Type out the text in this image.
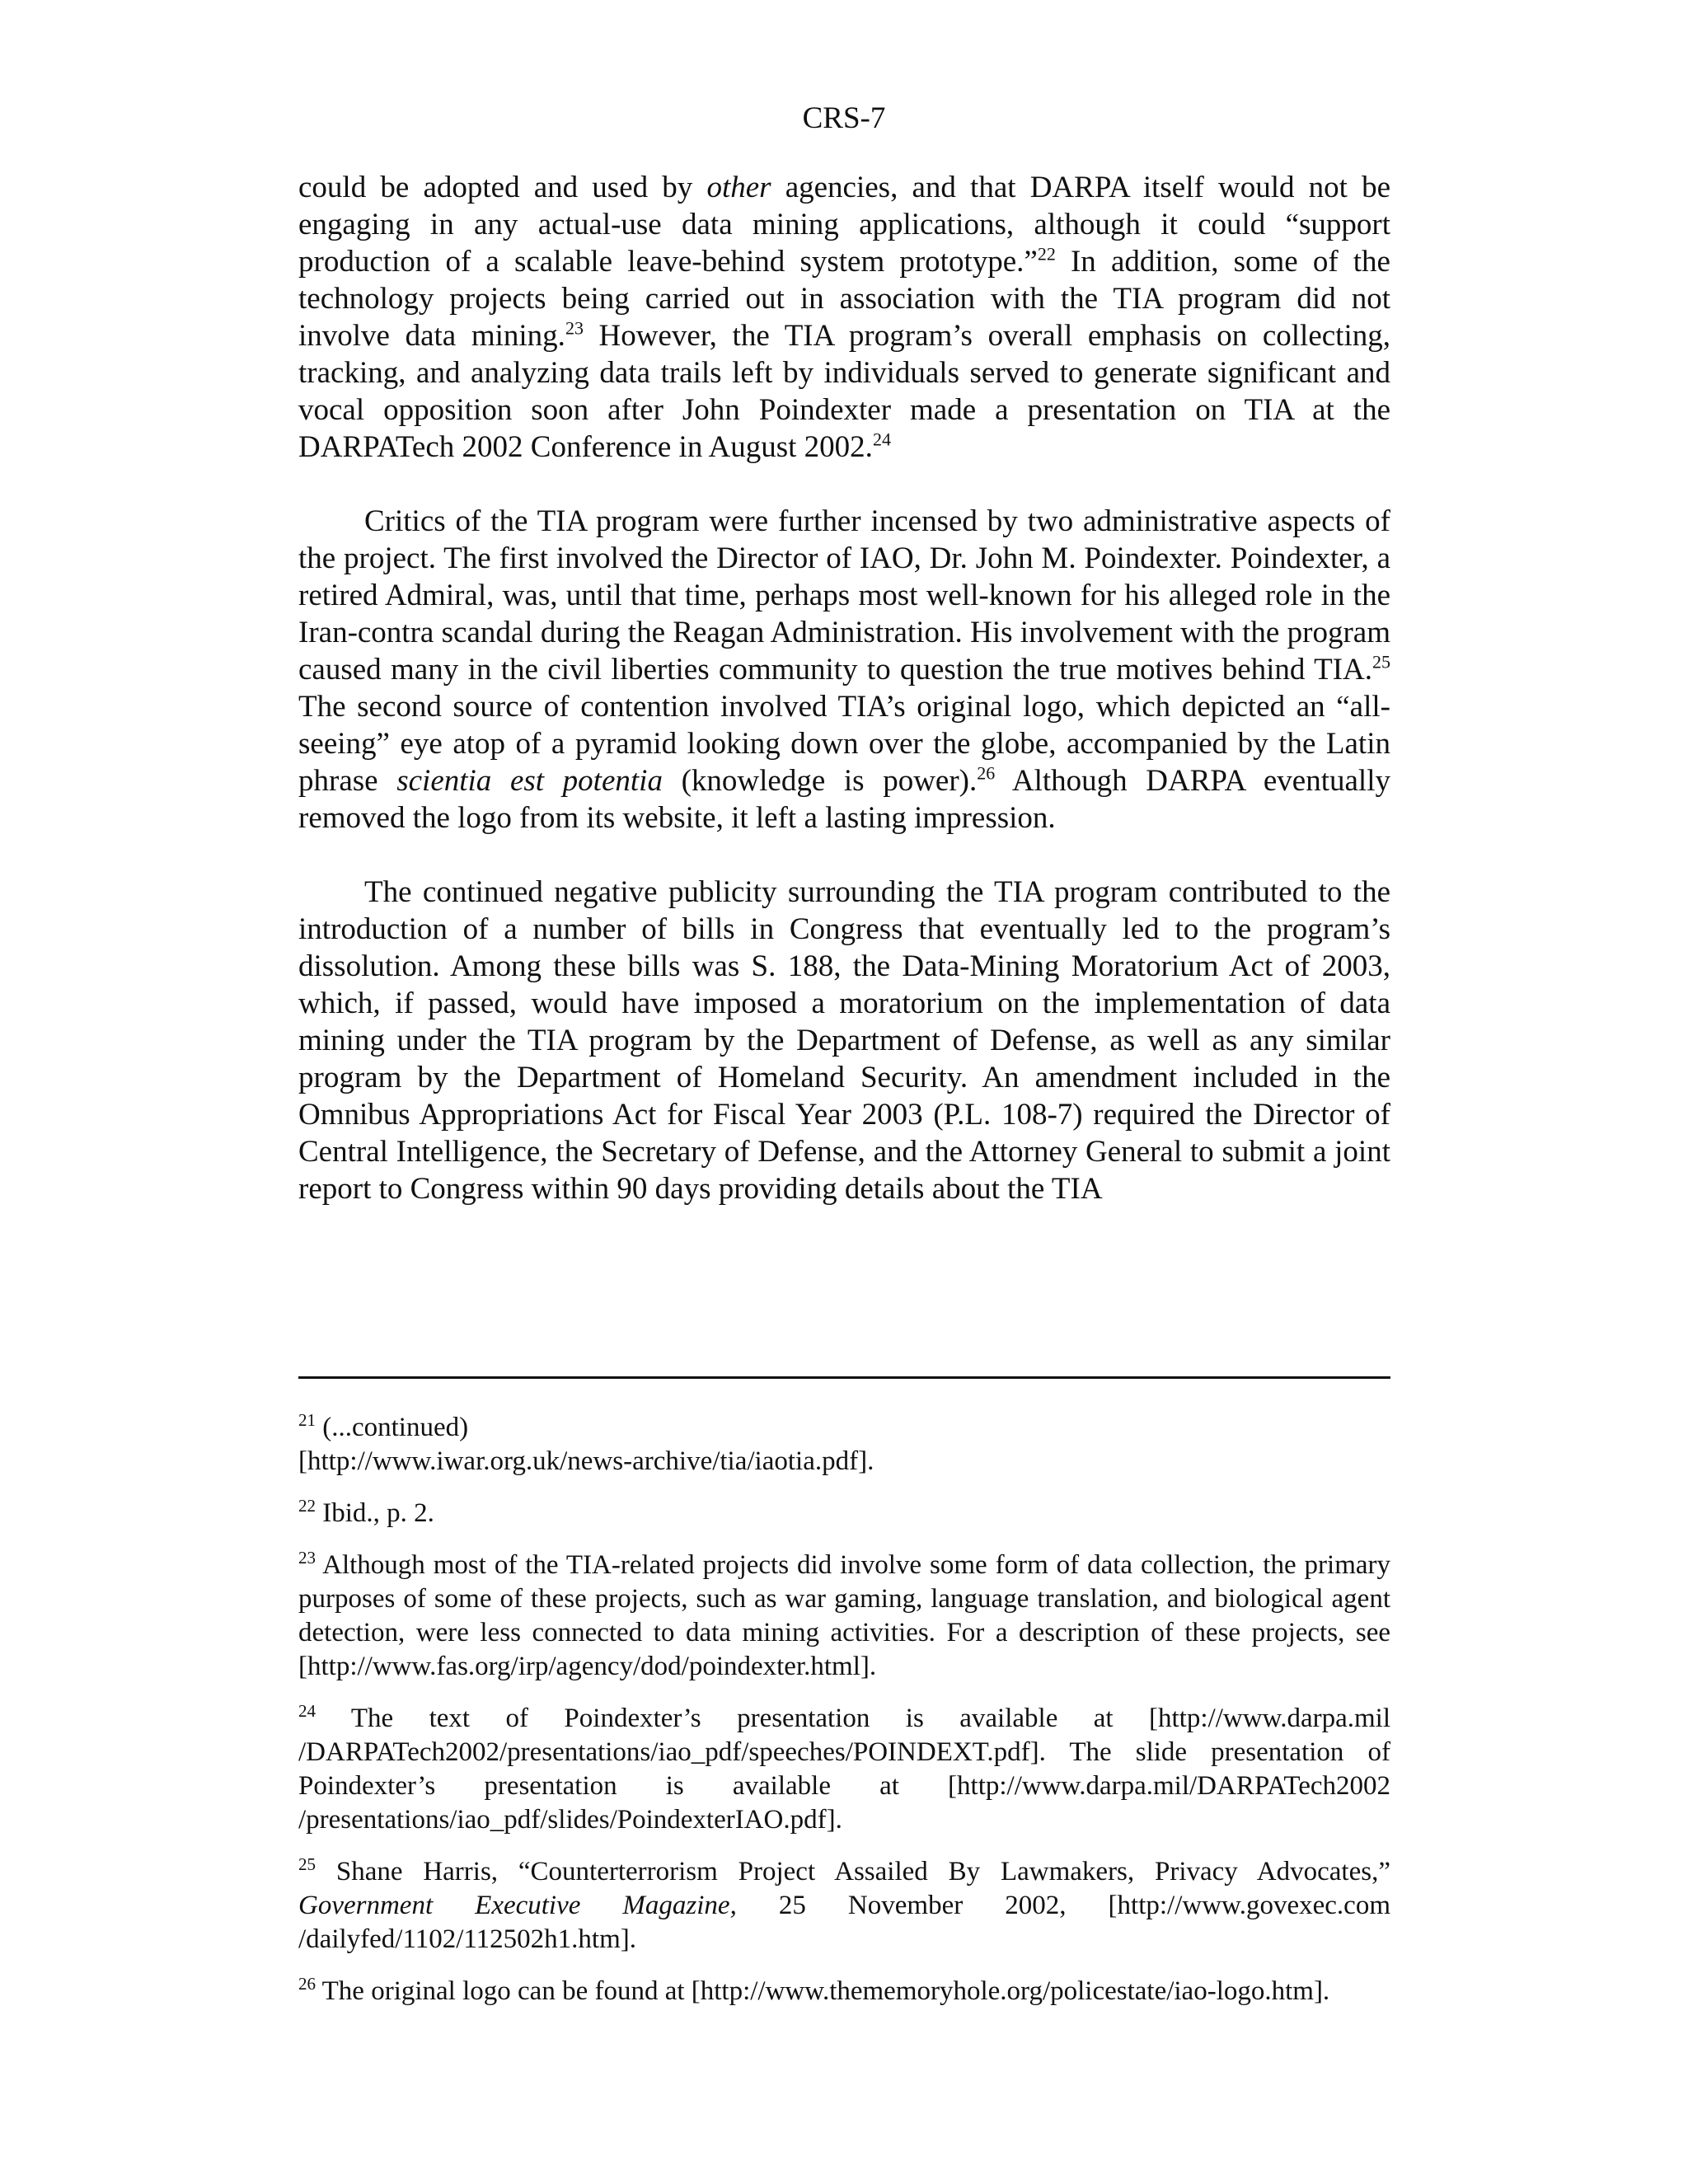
CRS-7

could be adopted and used by other agencies, and that DARPA itself would not be engaging in any actual-use data mining applications, although it could “support production of a scalable leave-behind system prototype.”$^{22}$ In addition, some of the technology projects being carried out in association with the TIA program did not involve data mining.$^{23}$ However, the TIA program’s overall emphasis on collecting, tracking, and analyzing data trails left by individuals served to generate significant and vocal opposition soon after John Poindexter made a presentation on TIA at the DARPATech 2002 Conference in August 2002.24

Critics of the TIA program were further incensed by two administrative aspects of the project. The first involved the Director of IAO, Dr. John M. Poindexter. Poindexter, a retired Admiral, was, until that time, perhaps most well-known for his alleged role in the Iran-contra scandal during the Reagan Administration. His involvement with the program caused many in the civil liberties community to question the true motives behind TIA.$^{25}$ The second source of contention involved TIA’s original logo, which depicted an “all-seeing” eye atop of a pyramid looking down over the globe, accompanied by the Latin phrase scientia est potentia (knowledge is power).$^{26}$ Although DARPA eventually removed the logo from its website, it left a lasting impression.

The continued negative publicity surrounding the TIA program contributed to the introduction of a number of bills in Congress that eventually led to the program’s dissolution. Among these bills was S. 188, the Data-Mining Moratorium Act of 2003, which, if passed, would have imposed a moratorium on the implementation of data mining under the TIA program by the Department of Defense, as well as any similar program by the Department of Homeland Security. An amendment included in the Omnibus Appropriations Act for Fiscal Year 2003 (P.L. 108-7) required the Director of Central Intelligence, the Secretary of Defense, and the Attorney General to submit a joint report to Congress within 90 days providing details about the TIA

$^{21}$ (...continued)
[http://www.iwar.org.uk/news-archive/tia/iaotia.pdf].

$^{22}$ Ibid., p. 2.

$^{23}$ Although most of the TIA-related projects did involve some form of data collection, the primary purposes of some of these projects, such as war gaming, language translation, and biological agent detection, were less connected to data mining activities. For a description of these projects, see [http://www.fas.org/irp/agency/dod/poindexter.html].

$^{24}$ The text of Poindexter’s presentation is available at [http://www.darpa.mil /DARPATech2002/presentations/iao_pdf/speeches/POINDEXT.pdf]. The slide presentation of Poindexter’s presentation is available at [http://www.darpa.mil/DARPATech2002 /presentations/iao_pdf/slides/PoindexterIAO.pdf].

$^{25}$ Shane Harris, “Counterterrorism Project Assailed By Lawmakers, Privacy Advocates,” Government Executive Magazine, 25 November 2002, [http://www.govexec.com /dailyfed/1102/112502h1.htm].

$^{26}$ The original logo can be found at [http://www.thememoryhole.org/policestate/iao-logo.htm].
